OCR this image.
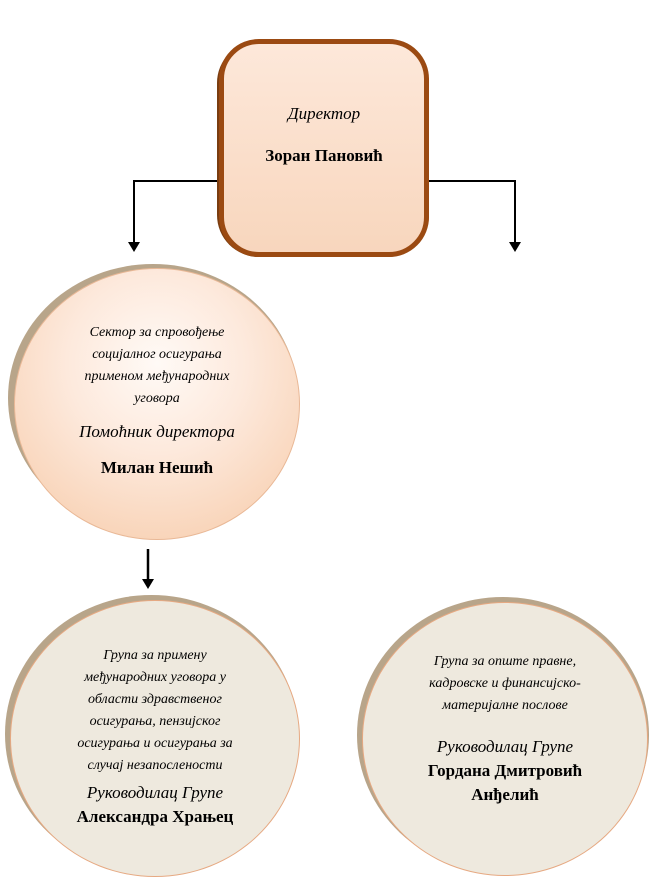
Директор
Зоран Пановић
Сектор за спровођење
социјалног осигурања
применом међународних
уговора
Помоћник директора
Милан Нешић
Група за примену
међународних уговора у
области здравственог
осигурања, пензијског
осигурања и осигурања за
случај незапослености
Руководилац Групе
Александра Храњец
Група за опште правне,
кадровске и финансијско-
материјалне послове
Руководилац Групе
Гордана Дмитровић
Анђелић
